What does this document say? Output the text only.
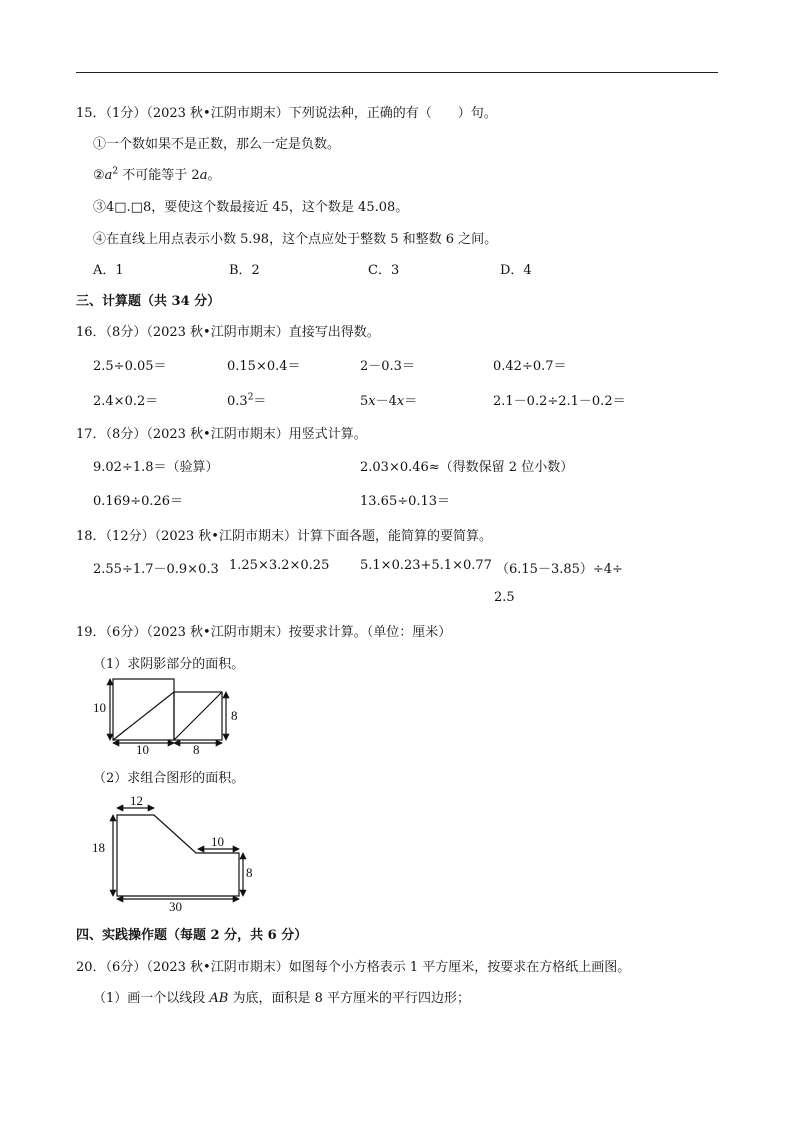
15．（1分）（2023 秋•江阴市期末）下列说法种，正确的有（　　）句。
①一个数如果不是正数，那么一定是负数。
$②a^2$ 不可能等于 2a。
③4□.□8，要使这个数最接近 45，这个数是 45.08。
④在直线上用点表示小数 5.98，这个点应处于整数 5 和整数 6 之间。
A．1	B．2	C．3	D．4
三、计算题（共 34 分）
16．（8分）（2023 秋•江阴市期末）直接写出得数。
2.5÷0.05＝	0.15×0.4＝	2－0.3＝	0.42÷0.7＝
2.4×0.2＝	$0.3^2=$	5x－4x＝	2.1－0.2÷2.1－0.2＝
17．（8分）（2023 秋•江阴市期末）用竖式计算。
9.02÷1.8＝（验算）	2.03×0.46≈（得数保留 2 位小数）
0.169÷0.26＝	13.65÷0.13＝
18．（12分）（2023 秋•江阴市期末）计算下面各题，能简算的要简算。
2.55÷1.7－0.9×0.3 1.25×3.2×0.25 5.1×0.23+5.1×0.77 （6.15－3.85）÷4÷
2.5
19．（6分）（2023 秋•江阴市期末）按要求计算。（单位：厘米）
（1）求阴影部分的面积。
10
10	8
8
（2）求组合图形的面积。
12
18	10
8
30
四、实践操作题（每题 2 分，共 6 分）
20．（6分）（2023 秋•江阴市期末）如图每个小方格表示 1 平方厘米，按要求在方格纸上画图。
（1）画一个以线段 AB 为底，面积是 8 平方厘米的平行四边形；
